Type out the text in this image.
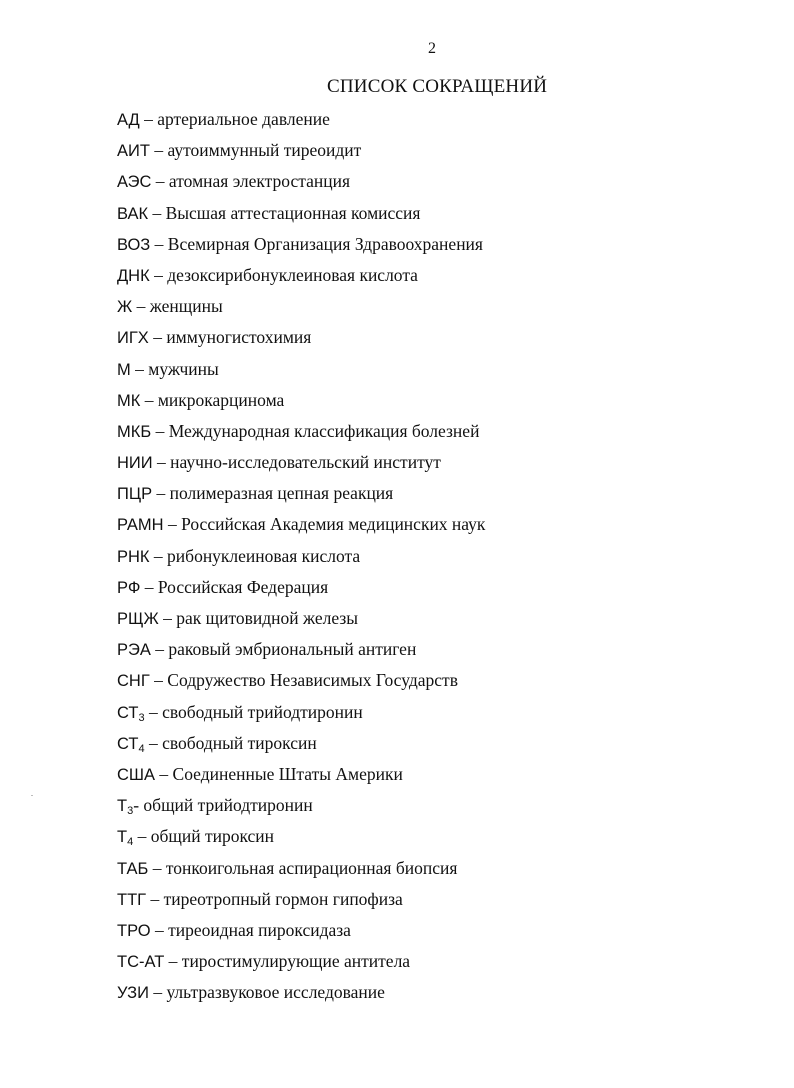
2
СПИСОК СОКРАЩЕНИЙ
АД – артериальное давление
АИТ – аутоиммунный тиреоидит
АЭС – атомная электростанция
ВАК – Высшая аттестационная комиссия
ВОЗ – Всемирная Организация Здравоохранения
ДНК – дезоксирибонуклеиновая кислота
Ж – женщины
ИГХ – иммуногистохимия
М – мужчины
МК – микрокарцинома
МКБ – Международная классификация болезней
НИИ – научно-исследовательский институт
ПЦР – полимеразная цепная реакция
РАМН – Российская Академия медицинских наук
РНК – рибонуклеиновая кислота
РФ – Российская Федерация
РЩЖ – рак щитовидной железы
РЭА – раковый эмбриональный антиген
СНГ – Содружество Независимых Государств
$СТ_3$ – свободный трийодтиронин
$СТ_4$ – свободный тироксин
США – Соединенные Штаты Америки
$Т_3-$ общий трийодтиронин
$Т_4$ – общий тироксин
ТАБ – тонкоигольная аспирационная биопсия
ТТГ – тиреотропный гормон гипофиза
ТРО – тиреоидная пироксидаза
ТС-АТ – тиростимулирующие антитела
УЗИ – ультразвуковое исследование
